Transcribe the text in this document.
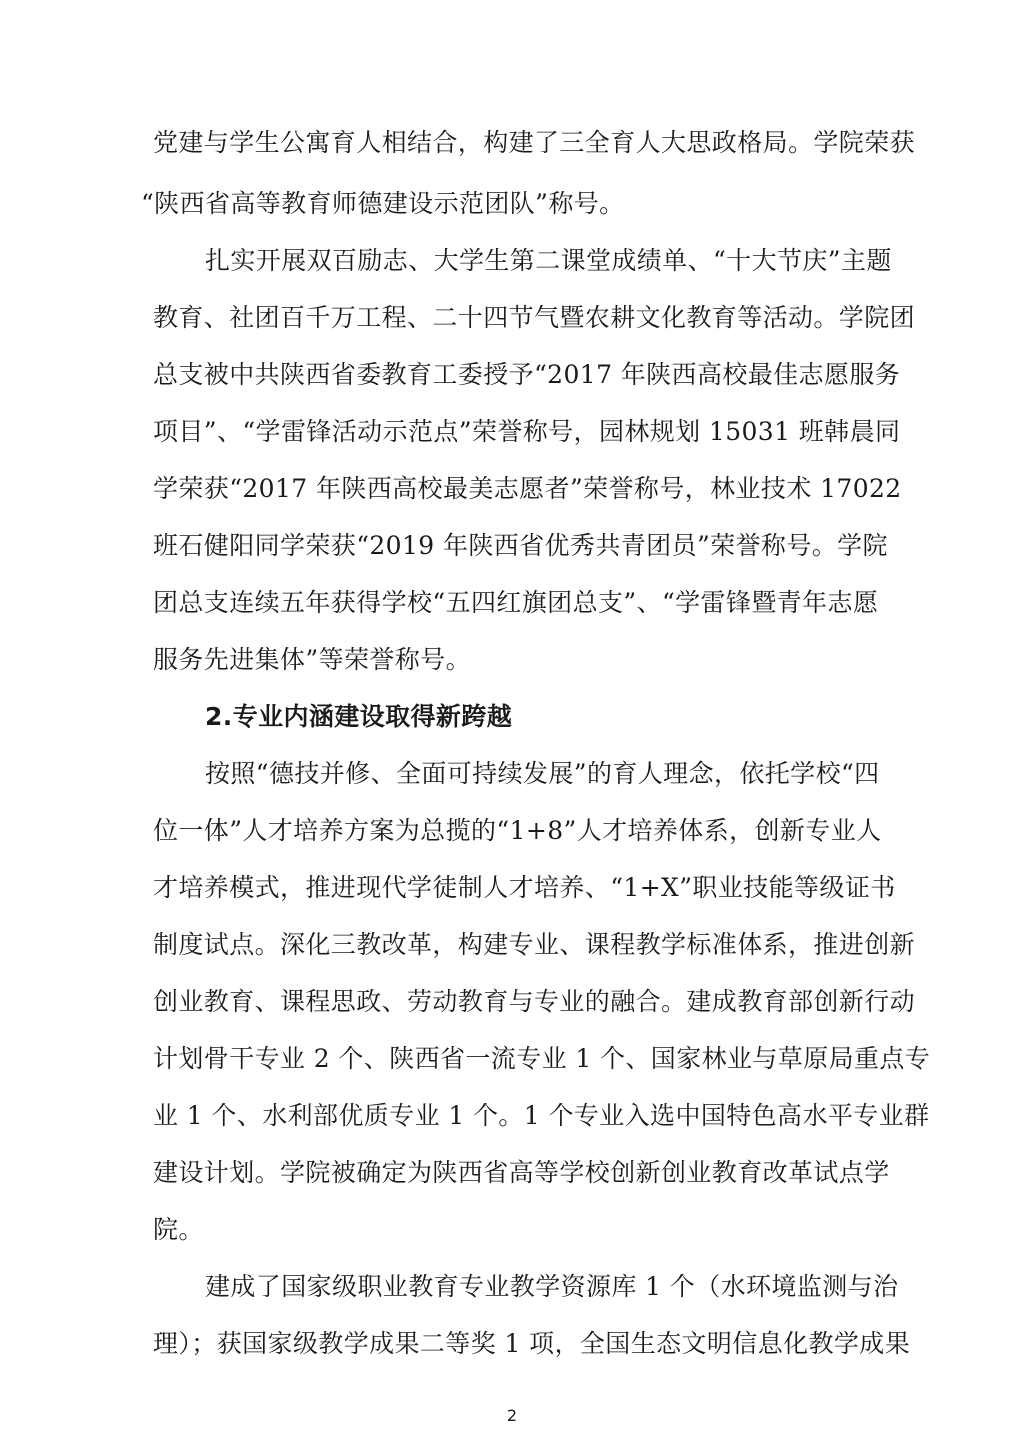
党建与学生公寓育人相结合，构建了三全育人大思政格局。学院荣获
“陕西省高等教育师德建设示范团队”称号。
扎实开展双百励志、大学生第二课堂成绩单、“十大节庆”主题
教育、社团百千万工程、二十四节气暨农耕文化教育等活动。学院团
总支被中共陕西省委教育工委授予“2017 年陕西高校最佳志愿服务
项目”、“学雷锋活动示范点”荣誉称号，园林规划 15031 班韩晨同
学荣获“2017 年陕西高校最美志愿者”荣誉称号，林业技术 17022
班石健阳同学荣获“2019 年陕西省优秀共青团员”荣誉称号。学院
团总支连续五年获得学校“五四红旗团总支”、“学雷锋暨青年志愿
服务先进集体”等荣誉称号。
2.专业内涵建设取得新跨越
按照“德技并修、全面可持续发展”的育人理念，依托学校“四
位一体”人才培养方案为总揽的“1+8”人才培养体系，创新专业人
才培养模式，推进现代学徒制人才培养、“1+X”职业技能等级证书
制度试点。深化三教改革，构建专业、课程教学标准体系，推进创新
创业教育、课程思政、劳动教育与专业的融合。建成教育部创新行动
计划骨干专业 2 个、陕西省一流专业 1 个、国家林业与草原局重点专
业 1 个、水利部优质专业 1 个。1 个专业入选中国特色高水平专业群
建设计划。学院被确定为陕西省高等学校创新创业教育改革试点学
院。
建成了国家级职业教育专业教学资源库 1 个（水环境监测与治
理）；获国家级教学成果二等奖 1 项，全国生态文明信息化教学成果
2
